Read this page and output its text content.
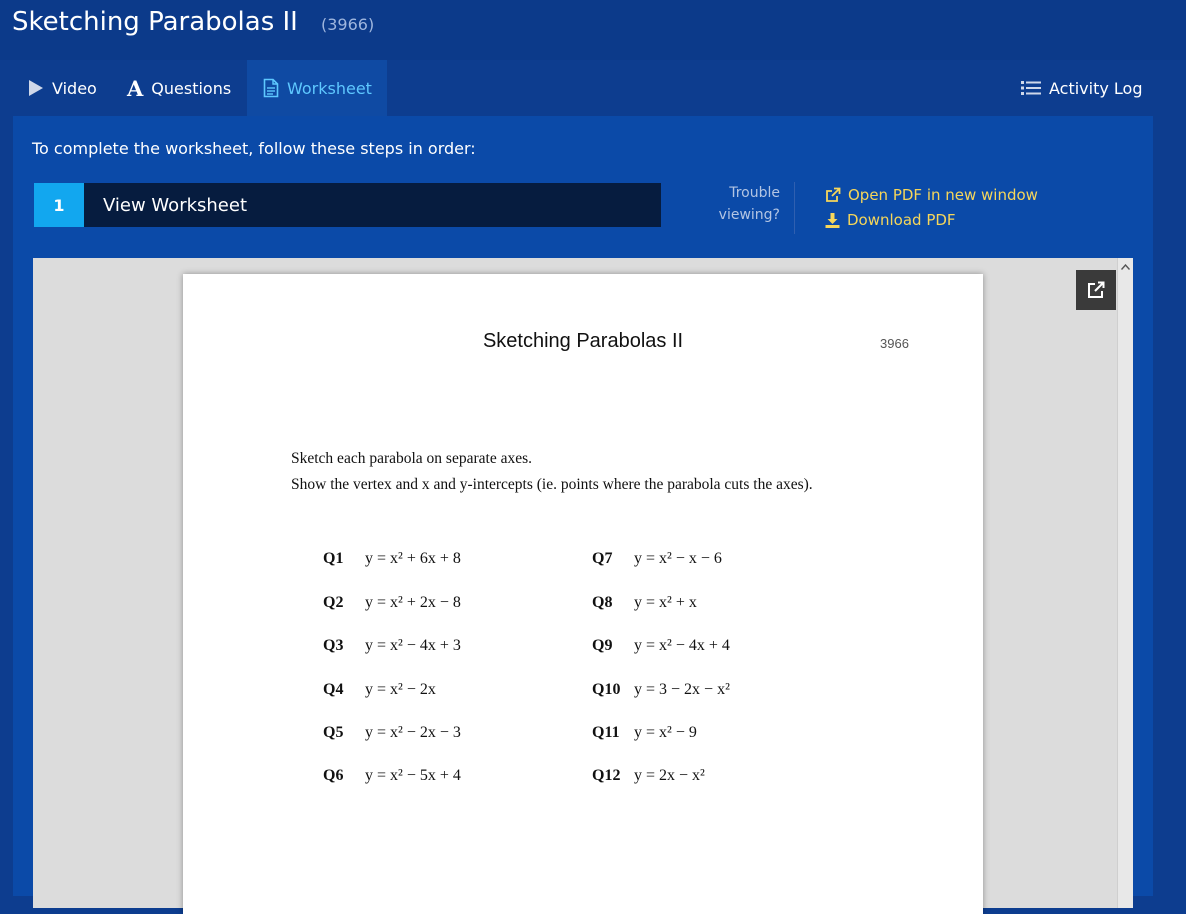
Sketching Parabolas II (3966)
Video A Questions	Worksheet	Activity Log
To complete the worksheet, follow these steps in order:
1	View Worksheet
Trouble
viewing?
Open PDF in new window
Download PDF
Sketching Parabolas II	3966
Sketch each parabola on separate axes.
Show the vertex and x and y-intercepts (ie. points where the parabola cuts the axes).
Q1 y = x² + 6x + 8
Q2 y = x² + 2x − 8
Q3 y = x² − 4x + 3
Q4 y = x² − 2x
Q5 y = x² − 2x − 3
Q6 y = x² − 5x + 4
Q7 y = x² − x − 6
Q8 y = x² + x
Q9 y = x² − 4x + 4
Q10 y = 3 − 2x − x²
Q11 y = x² − 9
Q12 y = 2x − x²
